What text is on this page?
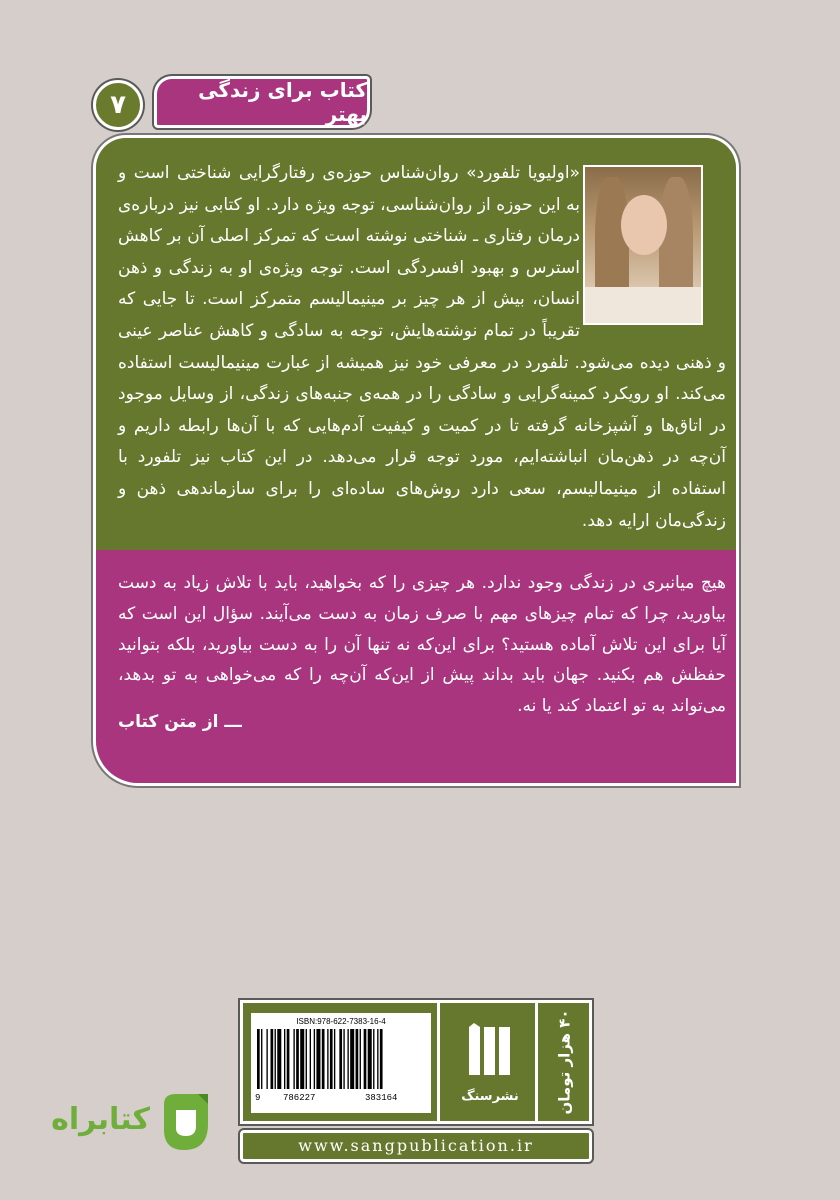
۷	کتاب برای زندگی بهتر

«اولیویا تلفورد» روان‌شناس حوزه‌ی رفتارگرایی شناختی است و به این حوزه از روان‌شناسی، توجه ویژه دارد. او کتابی نیز درباره‌ی درمان رفتاری ـ شناختی نوشته است که تمرکز اصلی آن بر کاهش استرس و بهبود افسردگی است. توجه ویژه‌ی او به زندگی و ذهن انسان، بیش از هر چیز بر مینیمالیسم متمرکز است. تا جایی که تقریباً در تمام نوشته‌هایش، توجه به سادگی و کاهش عناصر عینی و ذهنی دیده می‌شود. تلفورد در معرفی خود نیز همیشه از عبارت مینیمالیست استفاده می‌کند. او رویکرد کمینه‌گرایی و سادگی را در همه‌ی جنبه‌های زندگی، از وسایل موجود در اتاق‌ها و آشپزخانه گرفته تا در کمیت و کیفیت آدم‌هایی که با آن‌ها رابطه داریم و آن‌چه در ذهن‌مان انباشته‌ایم، مورد توجه قرار می‌دهد. در این کتاب نیز تلفورد با استفاده از مینیمالیسم، سعی دارد روش‌های ساده‌ای را برای سازماندهی ذهن و زندگی‌مان ارایه دهد.

هیچ میانبری در زندگی وجود ندارد. هر چیزی را که بخواهید، باید با تلاش زیاد به دست بیاورید، چرا که تمام چیزهای مهم با صرف زمان به دست می‌آیند. سؤال این است که آیا برای این تلاش آماده هستید؟ برای این‌که نه تنها آن را به دست بیاورید، بلکه بتوانید حفظش هم بکنید. جهان باید بداند پیش از این‌که آن‌چه را که می‌خواهی به تو بدهد، می‌تواند به تو اعتماد کند یا نه.

ـــ از متن کتاب
ISBN:978-622-7383-16-4
9	786227	383164	نشرسنگ	۴۰ هزار تومان
www.sangpublication.ir
کتابراه
